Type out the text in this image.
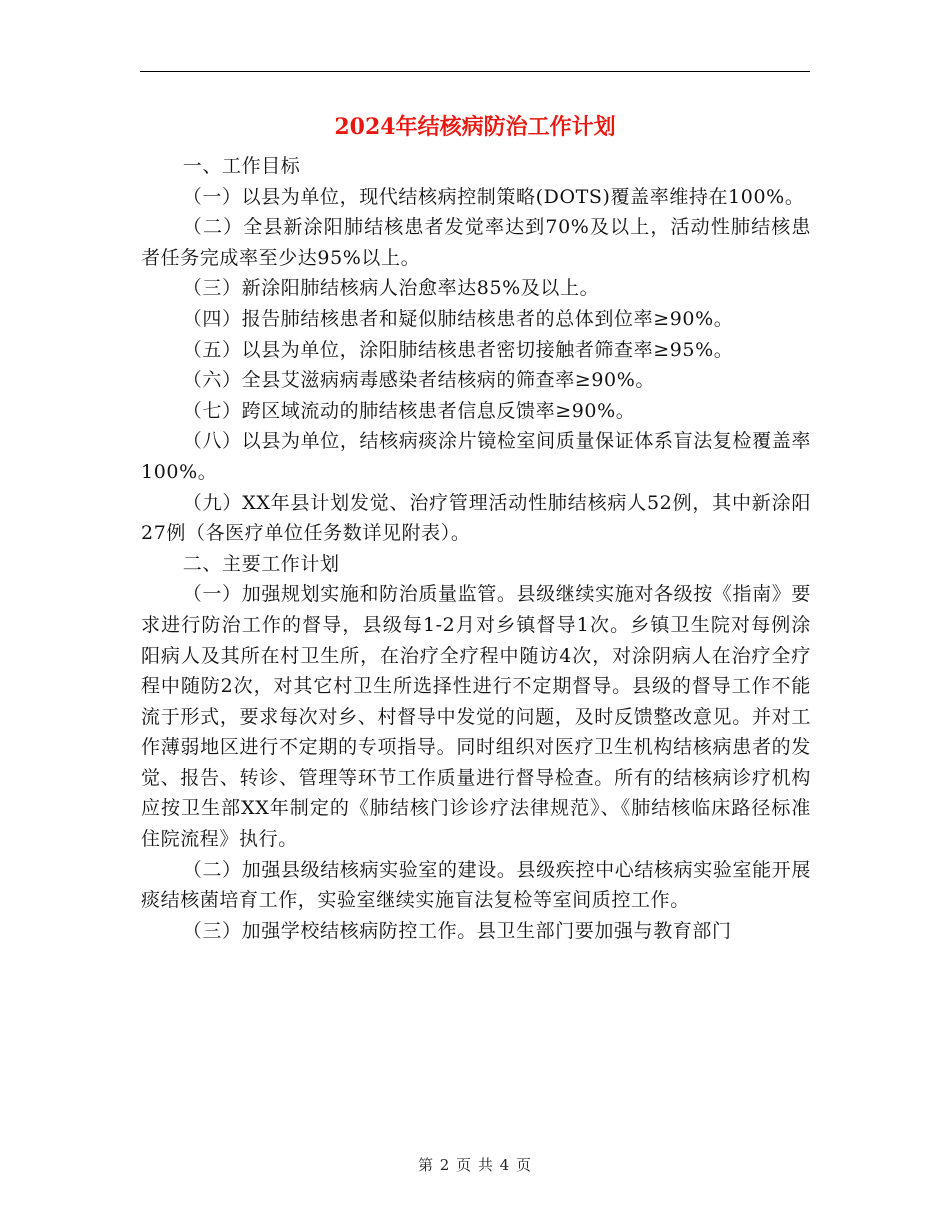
2024年结核病防治工作计划

一、工作目标

（一）以县为单位，现代结核病控制策略(DOTS)覆盖率维持在100%。

（二）全县新涂阳肺结核患者发觉率达到70%及以上，活动性肺结核患者任务完成率至少达95%以上。

（三）新涂阳肺结核病人治愈率达85%及以上。

（四）报告肺结核患者和疑似肺结核患者的总体到位率≥90%。

（五）以县为单位，涂阳肺结核患者密切接触者筛查率≥95%。

（六）全县艾滋病病毒感染者结核病的筛查率≥90%。

（七）跨区域流动的肺结核患者信息反馈率≥90%。

（八）以县为单位，结核病痰涂片镜检室间质量保证体系盲法复检覆盖率100%。

（九）XX年县计划发觉、治疗管理活动性肺结核病人52例，其中新涂阳27例（各医疗单位任务数详见附表）。

二、主要工作计划

（一）加强规划实施和防治质量监管。县级继续实施对各级按《指南》要求进行防治工作的督导，县级每1-2月对乡镇督导1次。乡镇卫生院对每例涂阳病人及其所在村卫生所，在治疗全疗程中随访4次，对涂阴病人在治疗全疗程中随防2次，对其它村卫生所选择性进行不定期督导。县级的督导工作不能流于形式，要求每次对乡、村督导中发觉的问题，及时反馈整改意见。并对工作薄弱地区进行不定期的专项指导。同时组织对医疗卫生机构结核病患者的发觉、报告、转诊、管理等环节工作质量进行督导检查。所有的结核病诊疗机构应按卫生部XX年制定的《肺结核门诊诊疗法律规范》、《肺结核临床路径标准住院流程》执行。

（二）加强县级结核病实验室的建设。县级疾控中心结核病实验室能开展痰结核菌培育工作，实验室继续实施盲法复检等室间质控工作。

（三）加强学校结核病防控工作。县卫生部门要加强与教育部门

第 2 页 共 4 页
